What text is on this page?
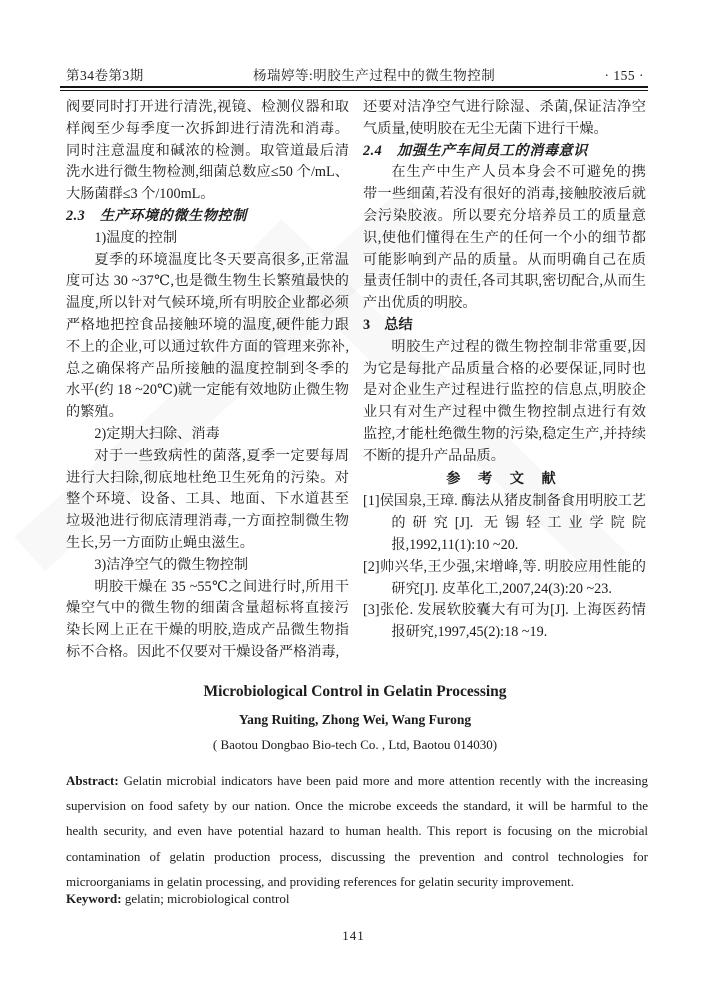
第34卷第3期	杨瑞婷等:明胶生产过程中的微生物控制	· 155 ·

阀要同时打开进行清洗,视镜、检测仪器和取样阀至少每季度一次拆卸进行清洗和消毒。同时注意温度和碱浓的检测。取管道最后清洗水进行微生物检测,细菌总数应≤50 个/mL、大肠菌群≤3 个/100mL。

2.3　生产环境的微生物控制

1)温度的控制

夏季的环境温度比冬天要高很多,正常温度可达 30 ~37℃,也是微生物生长繁殖最快的温度,所以针对气候环境,所有明胶企业都必须严格地把控食品接触环境的温度,硬件能力跟不上的企业,可以通过软件方面的管理来弥补,总之确保将产品所接触的温度控制到冬季的水平(约 18 ~20℃)就一定能有效地防止微生物的繁殖。

2)定期大扫除、消毒

对于一些致病性的菌落,夏季一定要每周进行大扫除,彻底地杜绝卫生死角的污染。对整个环境、设备、工具、地面、下水道甚至垃圾池进行彻底清理消毒,一方面控制微生物生长,另一方面防止蝇虫滋生。

3)洁净空气的微生物控制

明胶干燥在 35 ~55℃之间进行时,所用干燥空气中的微生物的细菌含量超标将直接污染长网上正在干燥的明胶,造成产品微生物指标不合格。因此不仅要对干燥设备严格消毒,

还要对洁净空气进行除湿、杀菌,保证洁净空气质量,使明胶在无尘无菌下进行干燥。

2.4　加强生产车间员工的消毒意识

在生产中生产人员本身会不可避免的携带一些细菌,若没有很好的消毒,接触胶液后就会污染胶液。所以要充分培养员工的质量意识,使他们懂得在生产的任何一个小的细节都可能影响到产品的质量。从而明确自己在质量责任制中的责任,各司其职,密切配合,从而生产出优质的明胶。

3　总结

明胶生产过程的微生物控制非常重要,因为它是每批产品质量合格的必要保证,同时也是对企业生产过程进行监控的信息点,明胶企业只有对生产过程中微生物控制点进行有效监控,才能杜绝微生物的污染,稳定生产,并持续不断的提升产品品质。

参 考 文 献

[1]侯国泉,王璋. 酶法从猪皮制备食用明胶工艺的研究[J]. 无锡轻工业学院院报,1992,11(1):10 ~20.

[2]帅兴华,王少强,宋增峰,等. 明胶应用性能的研究[J]. 皮革化工,2007,24(3):20 ~23.

[3]张伦. 发展软胶囊大有可为[J]. 上海医药情报研究,1997,45(2):18 ~19.

Microbiological Control in Gelatin Processing

Yang Ruiting, Zhong Wei, Wang Furong

( Baotou Dongbao Bio-tech Co. , Ltd, Baotou 014030)

Abstract: Gelatin microbial indicators have been paid more and more attention recently with the increasing supervision on food safety by our nation. Once the microbe exceeds the standard, it will be harmful to the health security, and even have potential hazard to human health. This report is focusing on the microbial contamination of gelatin production process, discussing the prevention and control technologies for microorganiams in gelatin processing, and providing references for gelatin security improvement.
Keyword: gelatin; microbiological control
141
